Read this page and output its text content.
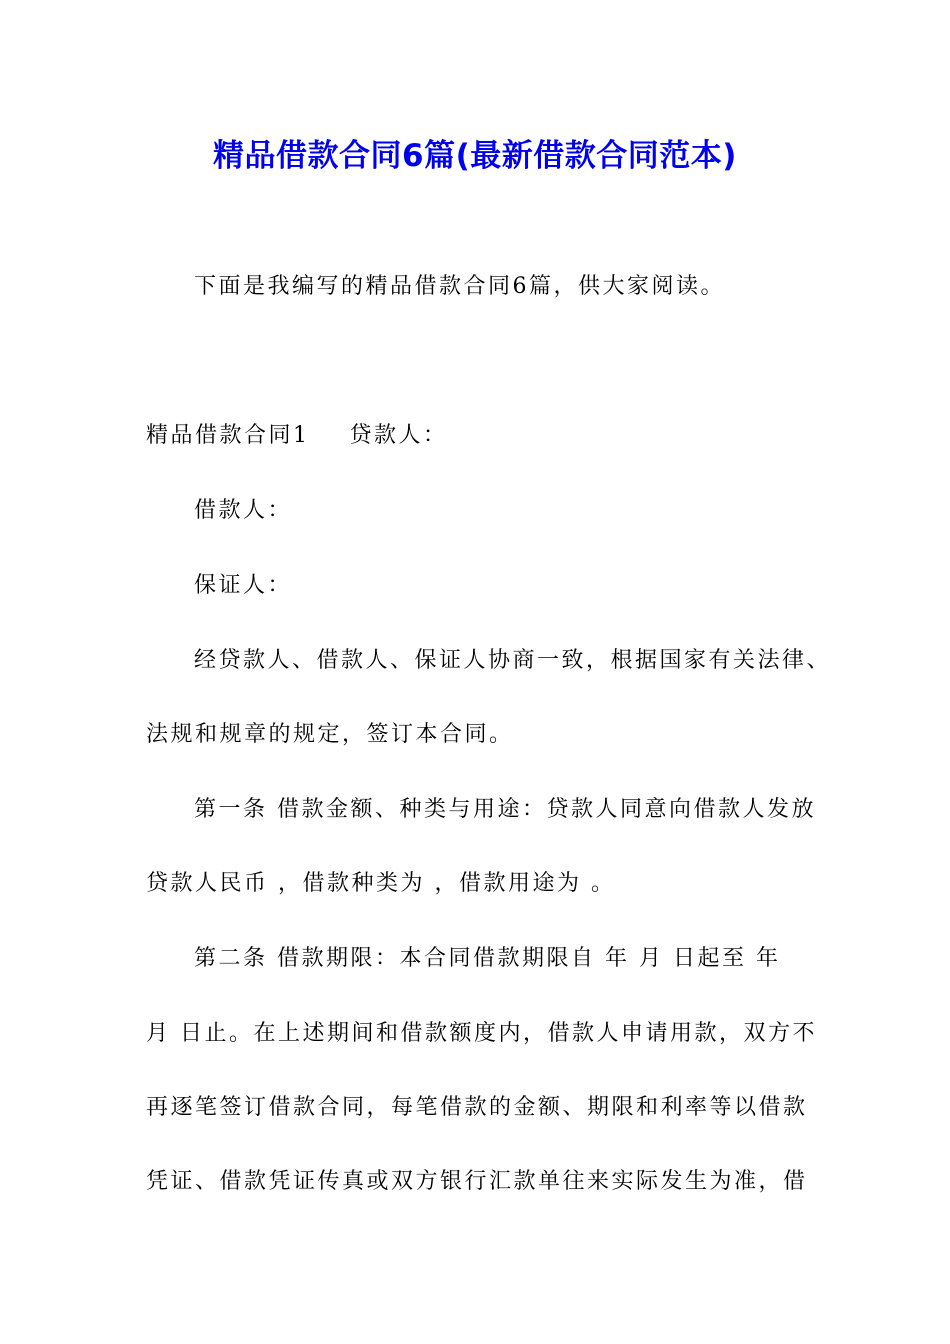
精品借款合同6篇(最新借款合同范本)
下面是我编写的精品借款合同6篇，供大家阅读。
精品借款合同1 贷款人：
借款人：
保证人：
经贷款人、借款人、保证人协商一致，根据国家有关法律、
法规和规章的规定，签订本合同。
第一条 借款金额、种类与用途：贷款人同意向借款人发放
贷款人民币 ，借款种类为 ，借款用途为 。
第二条 借款期限：本合同借款期限自 年 月 日起至 年
月 日止。在上述期间和借款额度内，借款人申请用款，双方不
再逐笔签订借款合同，每笔借款的金额、期限和利率等以借款
凭证、借款凭证传真或双方银行汇款单往来实际发生为准，借
